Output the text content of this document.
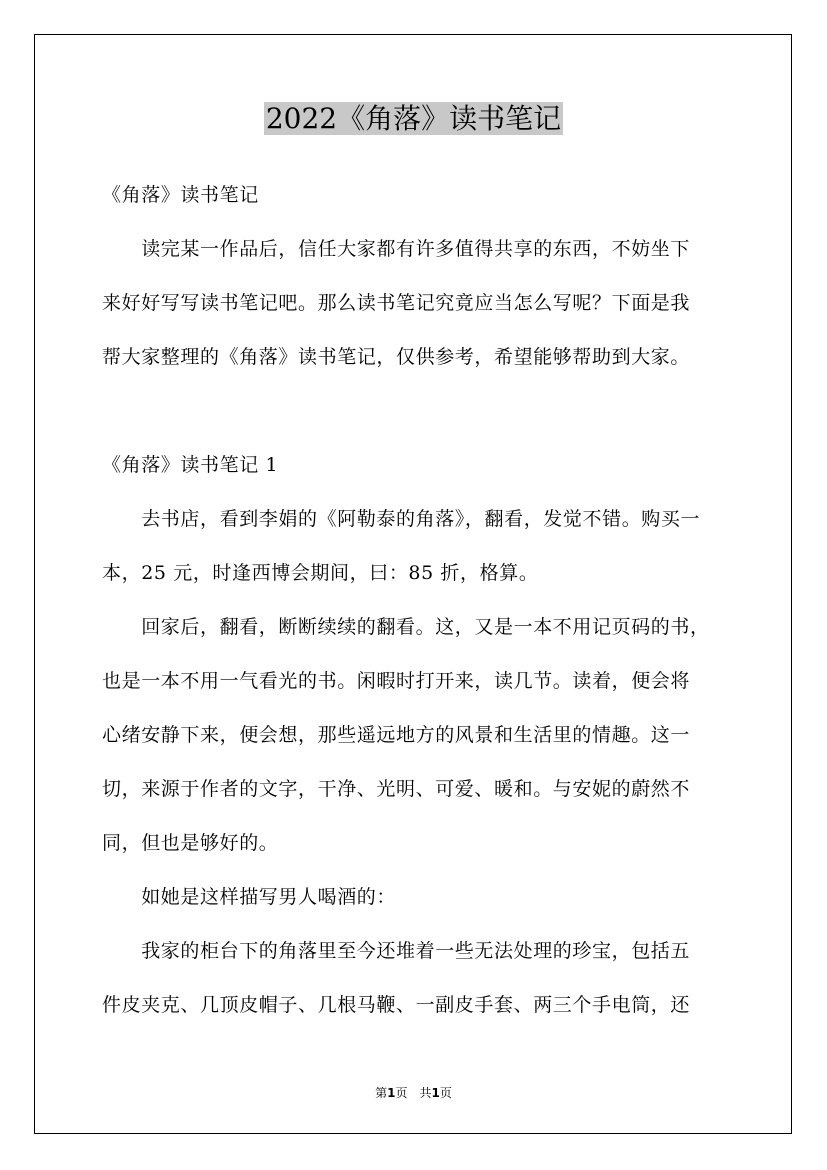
2022《角落》读书笔记
《角落》读书笔记
　　读完某一作品后，信任大家都有许多值得共享的东西，不妨坐下
来好好写写读书笔记吧。那么读书笔记究竟应当怎么写呢？下面是我
帮大家整理的《角落》读书笔记，仅供参考，希望能够帮助到大家。
《角落》读书笔记 1
　　去书店，看到李娟的《阿勒泰的角落》，翻看，发觉不错。购买一
本，25 元，时逢西博会期间，曰：85 折，格算。
　　回家后，翻看，断断续续的翻看。这，又是一本不用记页码的书，
也是一本不用一气看光的书。闲暇时打开来，读几节。读着，便会将
心绪安静下来，便会想，那些遥远地方的风景和生活里的情趣。这一
切，来源于作者的文字，干净、光明、可爱、暖和。与安妮的蔚然不
同，但也是够好的。
　　如她是这样描写男人喝酒的：
　　我家的柜台下的角落里至今还堆着一些无法处理的珍宝，包括五
件皮夹克、几顶皮帽子、几根马鞭、一副皮手套、两三个手电筒，还
第1页　共1页
